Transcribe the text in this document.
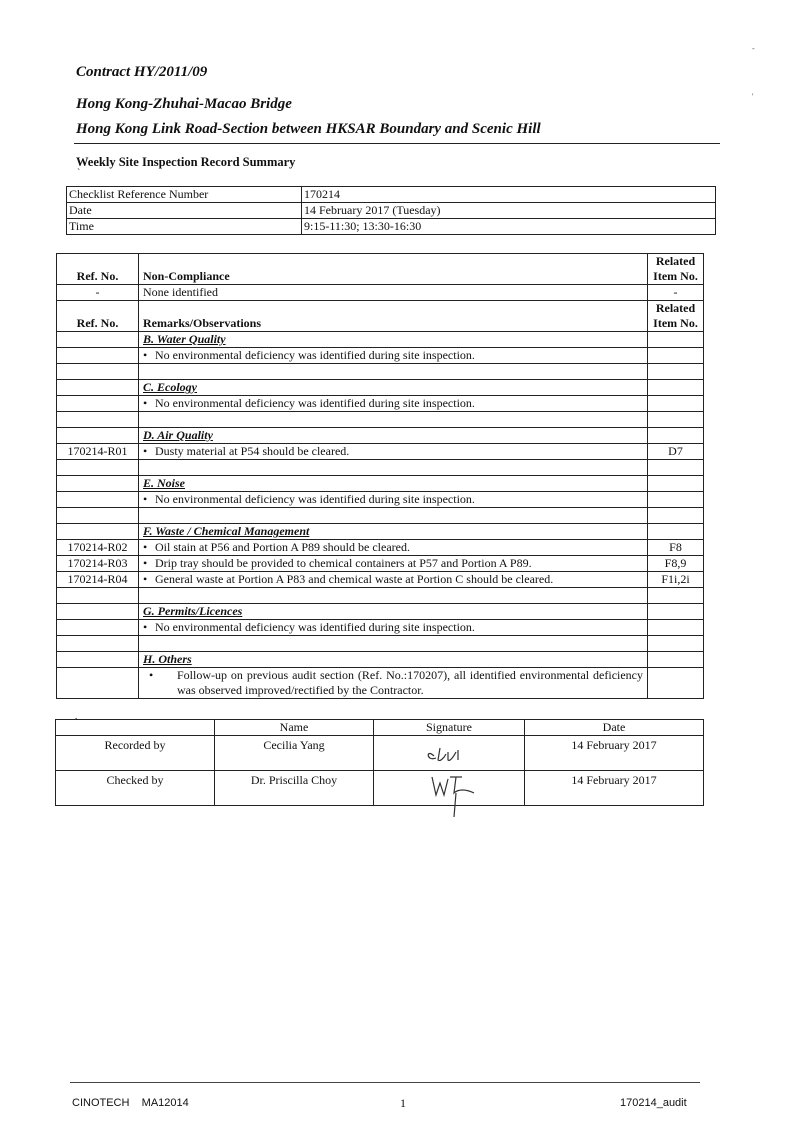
Contract HY/2011/09
Hong Kong-Zhuhai-Macao Bridge
Hong Kong Link Road-Section between HKSAR Boundary and Scenic Hill
Weekly Site Inspection Record Summary
`
-
'
Checklist Reference Number	170214
Date	14 February 2017 (Tuesday)
Time	9:15-11:30; 13:30-16:30
Ref. No.	Non-Compliance	Related
Item No.
-	None identified	-
Ref. No.	Remarks/Observations	Related
Item No.
	B. Water Quality	
	• No environmental deficiency was identified during site inspection.	

	C. Ecology	
	• No environmental deficiency was identified during site inspection.	

	D. Air Quality	
170214-R01	• Dusty material at P54 should be cleared.	D7

	E. Noise	
	• No environmental deficiency was identified during site inspection.	

	F. Waste / Chemical Management	
170214-R02	• Oil stain at P56 and Portion A P89 should be cleared.	F8
170214-R03	• Drip tray should be provided to chemical containers at P57 and Portion A P89.	F8,9
170214-R04	• General waste at Portion A P83 and chemical waste at Portion C should be cleared.	F1i,2i

	G. Permits/Licences	
	• No environmental deficiency was identified during site inspection.	

	H. Others	

	• Follow-up on previous audit section (Ref. No.:170207), all identified environmental deficiency was observed improved/rectified by the Contractor.	

.
	Name	Signature	Date
Recorded by	Cecilia Yang		14 February 2017
Checked by	Dr. Priscilla Choy		14 February 2017
CINOTECH    MA12014	1	170214_audit
